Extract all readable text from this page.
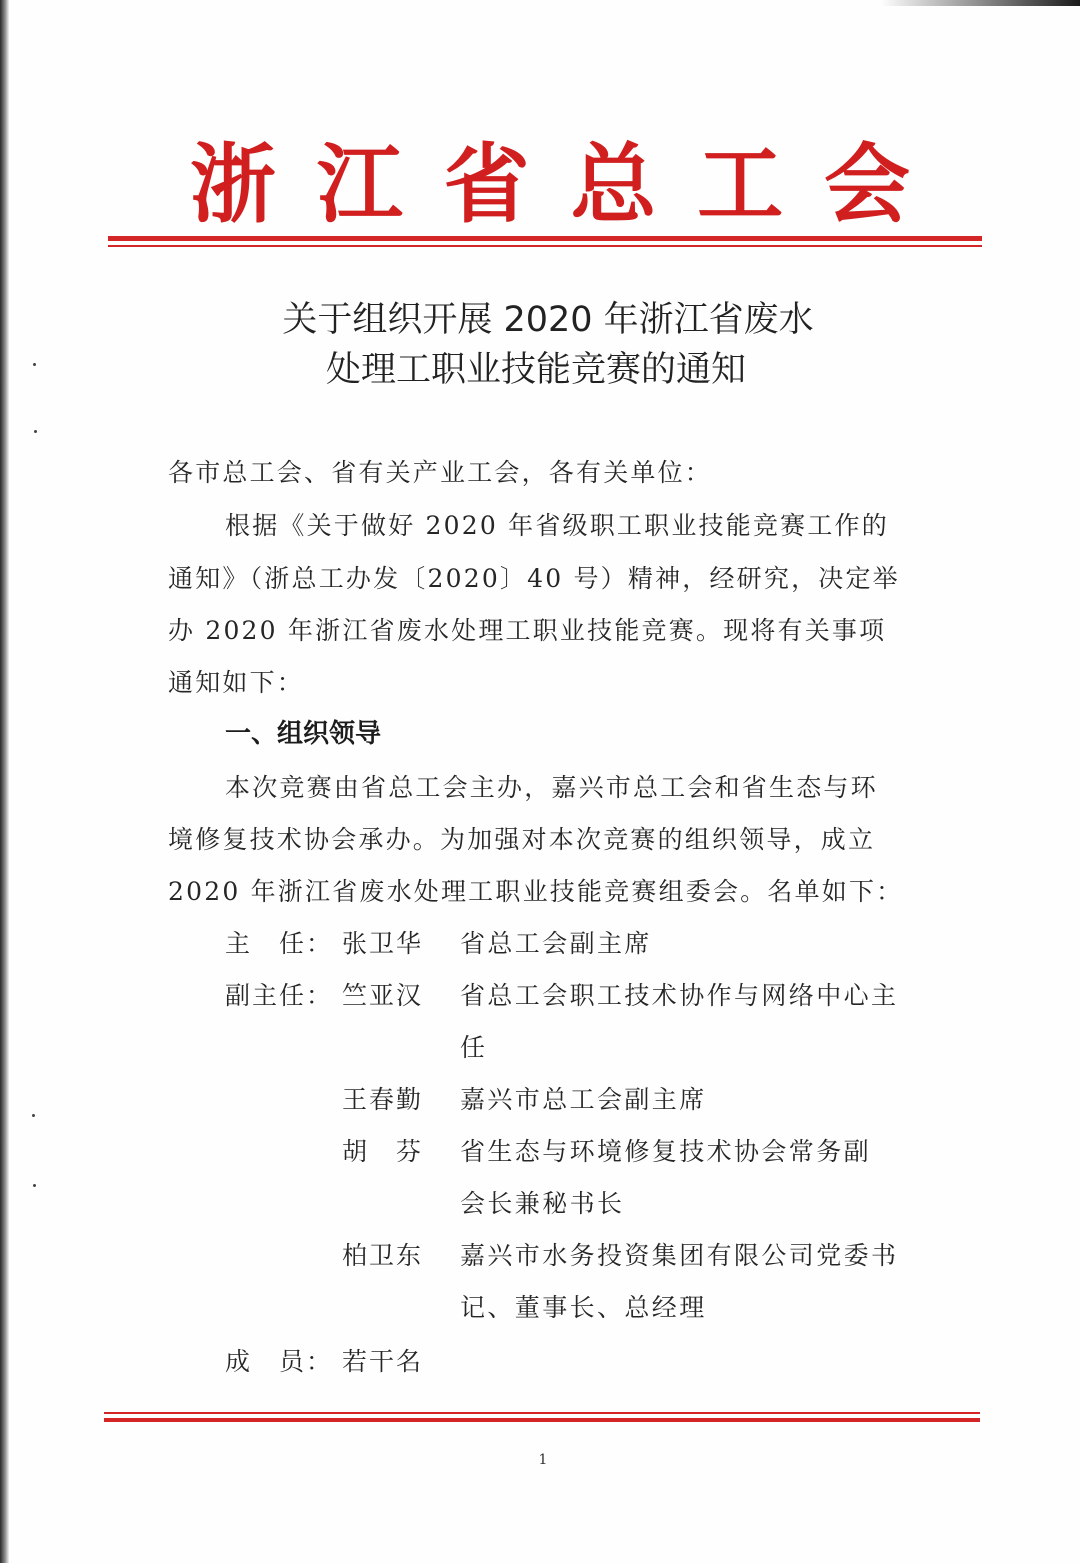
浙 江 省 总 工 会
关于组织开展 2020 年浙江省废水
处理工职业技能竞赛的通知
各市总工会、省有关产业工会，各有关单位：
根据《关于做好 2020 年省级职工职业技能竞赛工作的
通知》（浙总工办发〔2020〕40 号）精神，经研究，决定举
办 2020 年浙江省废水处理工职业技能竞赛。现将有关事项
通知如下：
一、组织领导
本次竞赛由省总工会主办，嘉兴市总工会和省生态与环
境修复技术协会承办。为加强对本次竞赛的组织领导，成立
2020 年浙江省废水处理工职业技能竞赛组委会。名单如下：
主　任： 张卫华 省总工会副主席
副主任： 竺亚汉 省总工会职工技术协作与网络中心主
任
王春勤 嘉兴市总工会副主席
胡　芬 省生态与环境修复技术协会常务副
会长兼秘书长
柏卫东 嘉兴市水务投资集团有限公司党委书
记、董事长、总经理
成　员： 若干名
1
